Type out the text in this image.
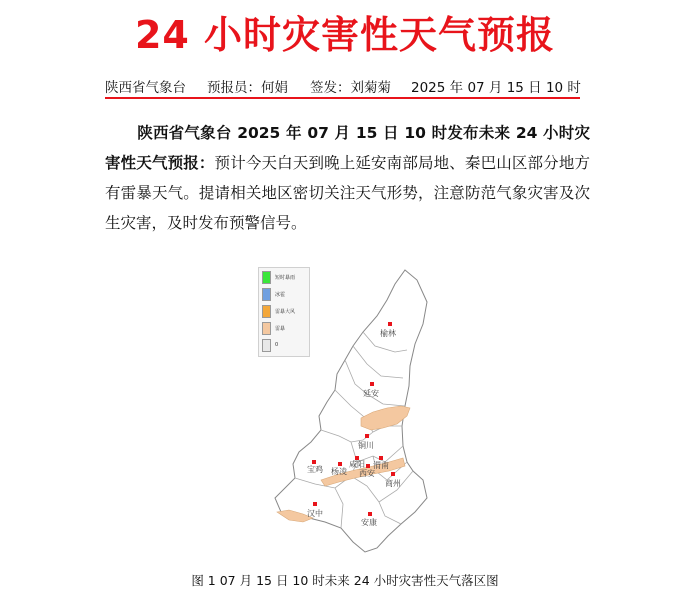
24 小时灾害性天气预报
陕西省气象台 预报员：何娟 签发：刘菊菊 2025 年 07 月 15 日 10 时
陕西省气象台 2025 年 07 月 15 日 10 时发布未来 24 小时灾害性天气预报：预计今天白天到晚上延安南部局地、秦巴山区部分地方有雷暴天气。提请相关地区密切关注天气形势，注意防范气象灾害及次生灾害，及时发布预警信号。
榆林
延安
铜川
宝鸡 杨凌
咸阳
西安
渭南
商州
汉中
安康
短时暴雨
冰雹
雷暴大风
雷暴
0
图 1 07 月 15 日 10 时未来 24 小时灾害性天气落区图
